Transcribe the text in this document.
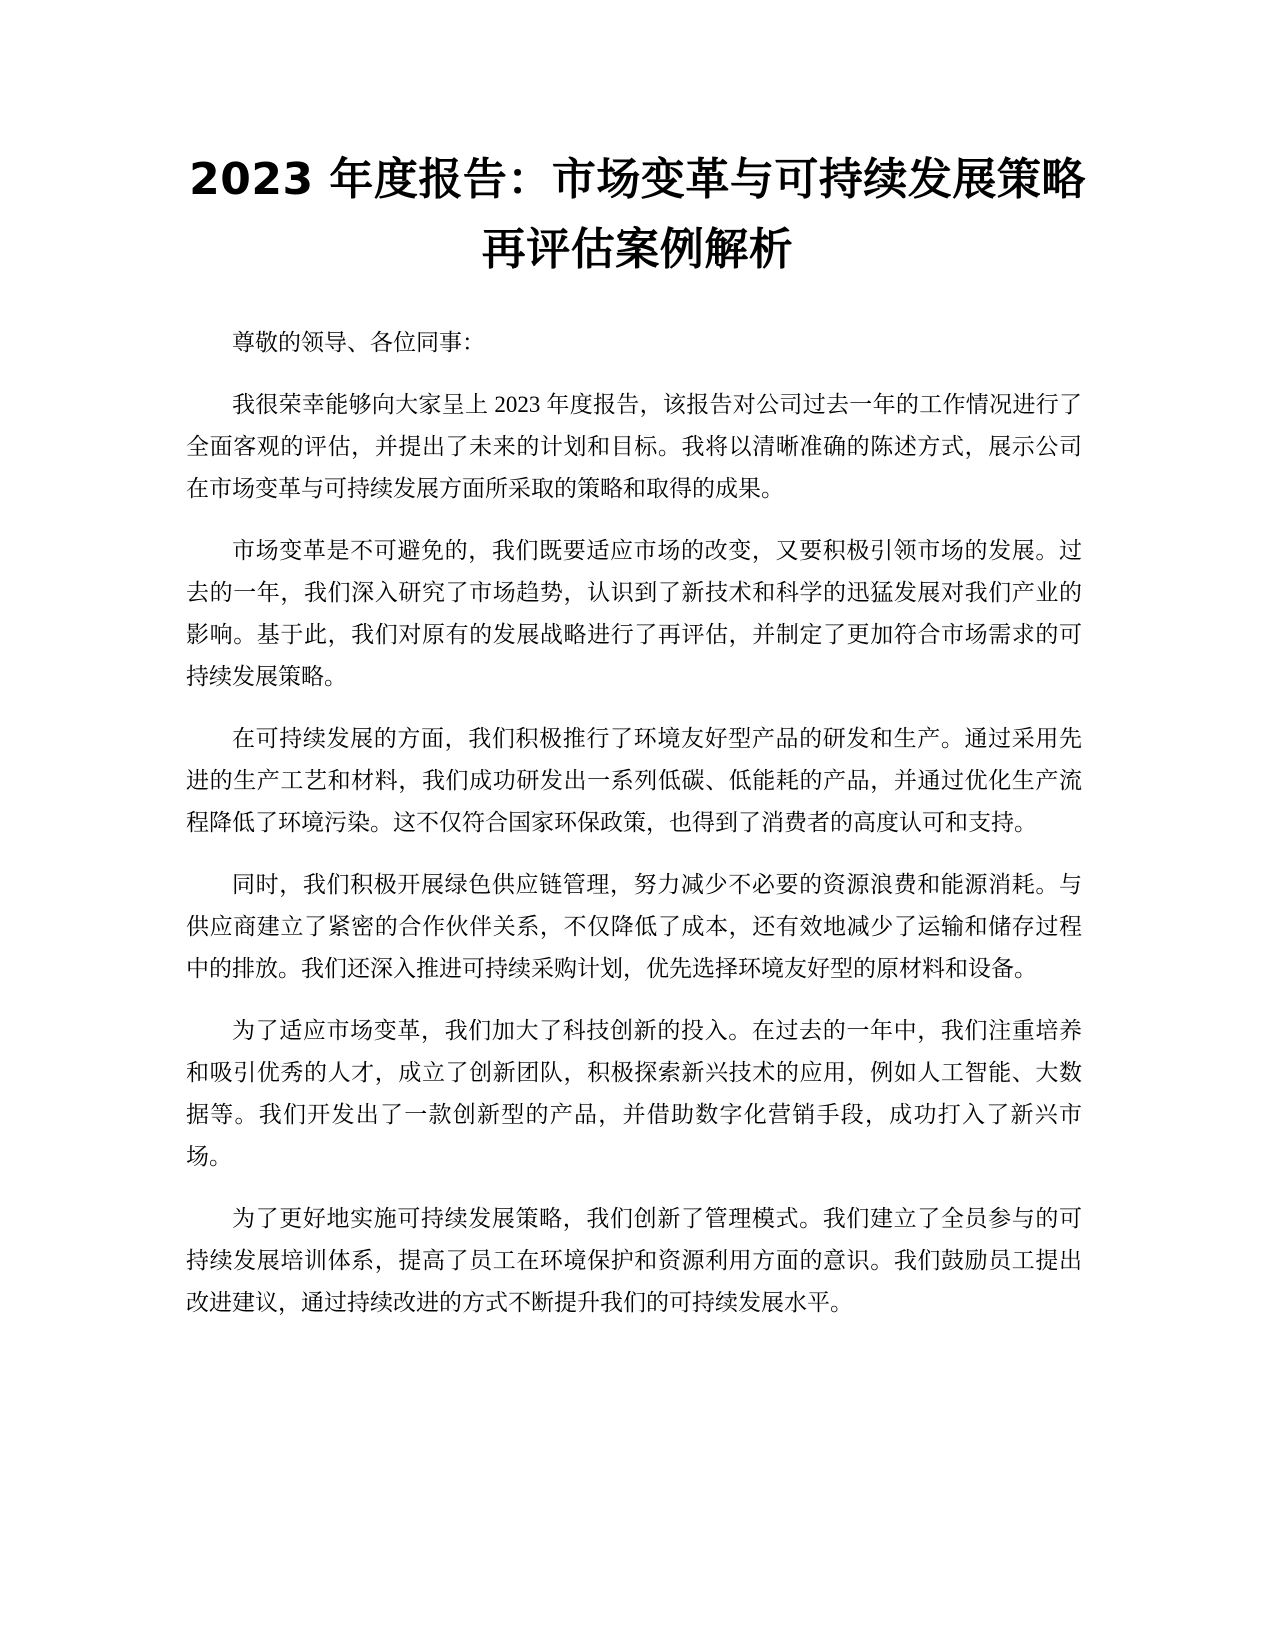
2023 年度报告：市场变革与可持续发展策略
再评估案例解析

尊敬的领导、各位同事：

我很荣幸能够向大家呈上 2023 年度报告，该报告对公司过去一年的工作情况进行了全面客观的评估，并提出了未来的计划和目标。我将以清晰准确的陈述方式，展示公司在市场变革与可持续发展方面所采取的策略和取得的成果。

市场变革是不可避免的，我们既要适应市场的改变，又要积极引领市场的发展。过去的一年，我们深入研究了市场趋势，认识到了新技术和科学的迅猛发展对我们产业的影响。基于此，我们对原有的发展战略进行了再评估，并制定了更加符合市场需求的可持续发展策略。

在可持续发展的方面，我们积极推行了环境友好型产品的研发和生产。通过采用先进的生产工艺和材料，我们成功研发出一系列低碳、低能耗的产品，并通过优化生产流程降低了环境污染。这不仅符合国家环保政策，也得到了消费者的高度认可和支持。

同时，我们积极开展绿色供应链管理，努力减少不必要的资源浪费和能源消耗。与供应商建立了紧密的合作伙伴关系，不仅降低了成本，还有效地减少了运输和储存过程中的排放。我们还深入推进可持续采购计划，优先选择环境友好型的原材料和设备。

为了适应市场变革，我们加大了科技创新的投入。在过去的一年中，我们注重培养和吸引优秀的人才，成立了创新团队，积极探索新兴技术的应用，例如人工智能、大数据等。我们开发出了一款创新型的产品，并借助数字化营销手段，成功打入了新兴市场。

为了更好地实施可持续发展策略，我们创新了管理模式。我们建立了全员参与的可持续发展培训体系，提高了员工在环境保护和资源利用方面的意识。我们鼓励员工提出改进建议，通过持续改进的方式不断提升我们的可持续发展水平。
